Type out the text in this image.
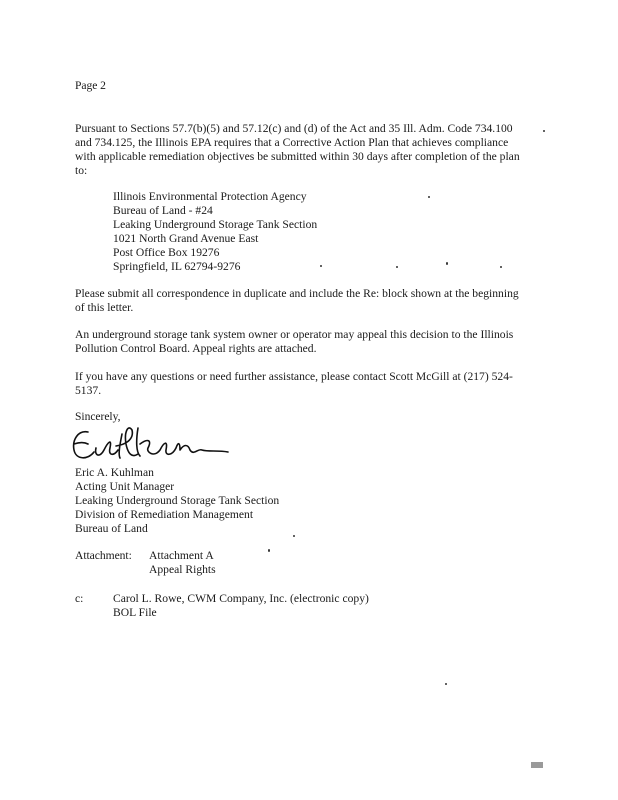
Page 2
Pursuant to Sections 57.7(b)(5) and 57.12(c) and (d) of the Act and 35 Ill. Adm. Code 734.100
and 734.125, the Illinois EPA requires that a Corrective Action Plan that achieves compliance
with applicable remediation objectives be submitted within 30 days after completion of the plan
to:
Illinois Environmental Protection Agency
Bureau of Land - #24
Leaking Underground Storage Tank Section
1021 North Grand Avenue East
Post Office Box 19276
Springfield, IL 62794-9276
Please submit all correspondence in duplicate and include the Re: block shown at the beginning
of this letter.
An underground storage tank system owner or operator may appeal this decision to the Illinois
Pollution Control Board. Appeal rights are attached.
If you have any questions or need further assistance, please contact Scott McGill at (217) 524-
5137.
Sincerely,
Eric A. Kuhlman
Acting Unit Manager
Leaking Underground Storage Tank Section
Division of Remediation Management
Bureau of Land
Attachment: Attachment A
Appeal Rights
c:	Carol L. Rowe, CWM Company, Inc. (electronic copy)
BOL File
